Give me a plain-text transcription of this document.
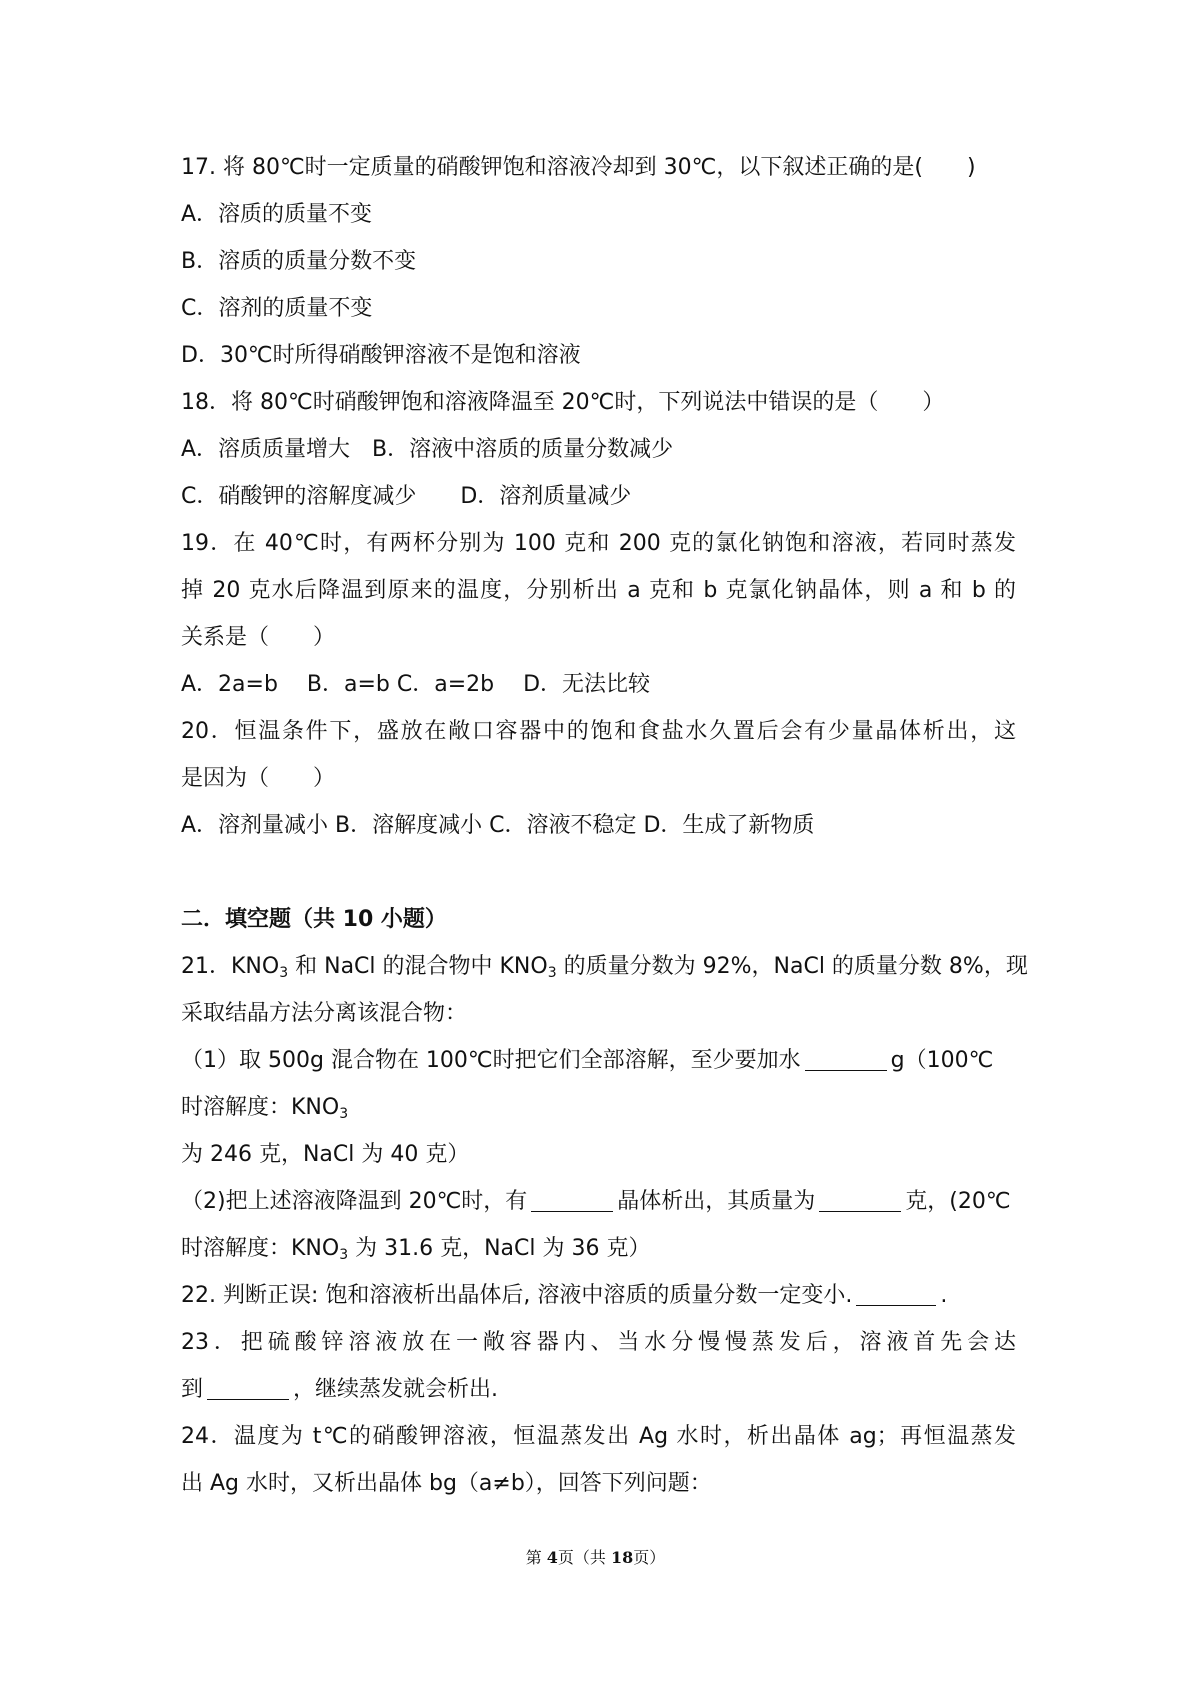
17. 将 80℃时一定质量的硝酸钾饱和溶液冷却到 30℃，以下叙述正确的是(　　)
A．溶质的质量不变
B．溶质的质量分数不变
C．溶剂的质量不变
D．30℃时所得硝酸钾溶液不是饱和溶液
18．将 80℃时硝酸钾饱和溶液降温至 20℃时，下列说法中错误的是（　　）
A．溶质质量增大　B．溶液中溶质的质量分数减少
C．硝酸钾的溶解度减少　　D．溶剂质量减少
19．在 40℃时，有两杯分别为 100 克和 200 克的氯化钠饱和溶液，若同时蒸发
掉 20 克水后降温到原来的温度，分别析出 a 克和 b 克氯化钠晶体，则 a 和 b 的
关系是（　　）
A．2a=b　 B．a=b C．a=2b　 D．无法比较
20．恒温条件下，盛放在敞口容器中的饱和食盐水久置后会有少量晶体析出，这
是因为（　　）
A．溶剂量减小 B．溶解度减小 C．溶液不稳定 D．生成了新物质
二．填空题（共 10 小题）
21．$KNO_3$ 和 NaCl 的混合物中 $KNO_3$ 的质量分数为 92%，NaCl 的质量分数 8%，现
采取结晶方法分离该混合物：
（1）取 500g 混合物在 100℃时把它们全部溶解，至少要加水	g（100℃
时溶解度：$KNO_3$
为 246 克，NaCl 为 40 克）
（2)把上述溶液降温到 20℃时，有	晶体析出，其质量为	克，(20℃
时溶解度：$KNO_3$ 为 31.6 克，NaCl 为 36 克）
22. 判断正误: 饱和溶液析出晶体后, 溶液中溶质的质量分数一定变小.	.
23．把硫酸锌溶液放在一敞容器内、当水分慢慢蒸发后，溶液首先会达
到	，继续蒸发就会析出.
24．温度为 t℃的硝酸钾溶液，恒温蒸发出 Ag 水时，析出晶体 ag；再恒温蒸发
出 Ag 水时，又析出晶体 bg（a≠b），回答下列问题：
第 4页（共 18页）
